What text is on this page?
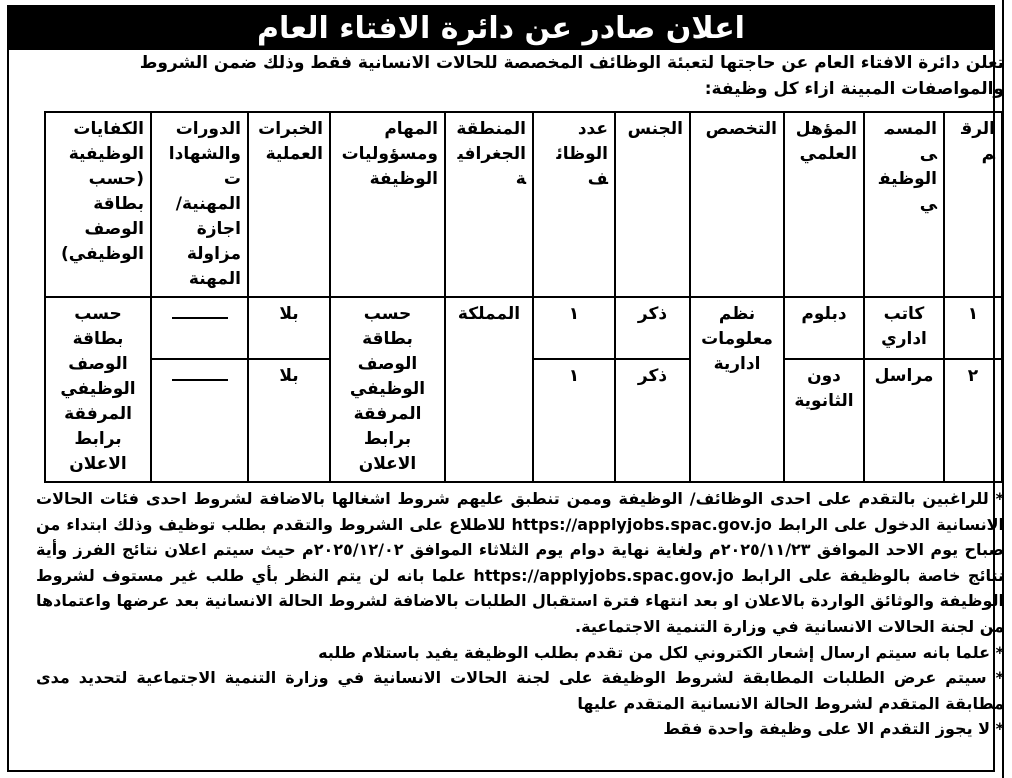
اعلان صادر عن دائرة الافتاء العام
تعلن دائرة الافتاء العام عن حاجتها لتعبئة الوظائف المخصصة للحالات الانسانية فقط وذلك ضمن الشروط والمواصفات المبينة ازاء كل وظيفة:
الرقم	المسمى الوظيفي	المؤهل العلمي	التخصص	الجنس	عدد الوظائف	المنطقة الجغرافية	المهام ومسؤوليات الوظيفة	الخبرات العملية	الدورات والشهادات المهنية/ اجازة مزاولة المهنة	الكفايات الوظيفية (حسب بطاقة الوصف الوظيفي)
١	كاتب اداري	دبلوم	نظم معلومات ادارية	ذكر	١	المملكة	حسب بطاقة الوصف الوظيفي المرفقة برابط الاعلان	بلا		حسب بطاقة الوصف الوظيفي المرفقة برابط الاعلان
٢	مراسل	دون الثانوية		ذكر	١			بلا		

* للراغبين بالتقدم على احدى الوظائف/ الوظيفة وممن تنطبق عليهم شروط اشغالها بالاضافة لشروط احدى فئات الحالات الانسانية الدخول على الرابط https://applyjobs.spac.gov.jo للاطلاع على الشروط والتقدم بطلب توظيف وذلك ابتداء من صباح يوم الاحد الموافق ٢٠٢٥/١١/٢٣م ولغاية نهاية دوام يوم الثلاثاء الموافق ٢٠٢٥/١٢/٠٢م حيث سيتم اعلان نتائج الفرز وأية نتائج خاصة بالوظيفة على الرابط https://applyjobs.spac.gov.jo علما بانه لن يتم النظر بأي طلب غير مستوف لشروط الوظيفة والوثائق الواردة بالاعلان او بعد انتهاء فترة استقبال الطلبات بالاضافة لشروط الحالة الانسانية بعد عرضها واعتمادها من لجنة الحالات الانسانية في وزارة التنمية الاجتماعية.

* علما بانه سيتم ارسال إشعار الكتروني لكل من تقدم بطلب الوظيفة يفيد باستلام طلبه

* سيتم عرض الطلبات المطابقة لشروط الوظيفة على لجنة الحالات الانسانية في وزارة التنمية الاجتماعية لتحديد مدى مطابقة المتقدم لشروط الحالة الانسانية المتقدم عليها

* لا يجوز التقدم الا على وظيفة واحدة فقط
